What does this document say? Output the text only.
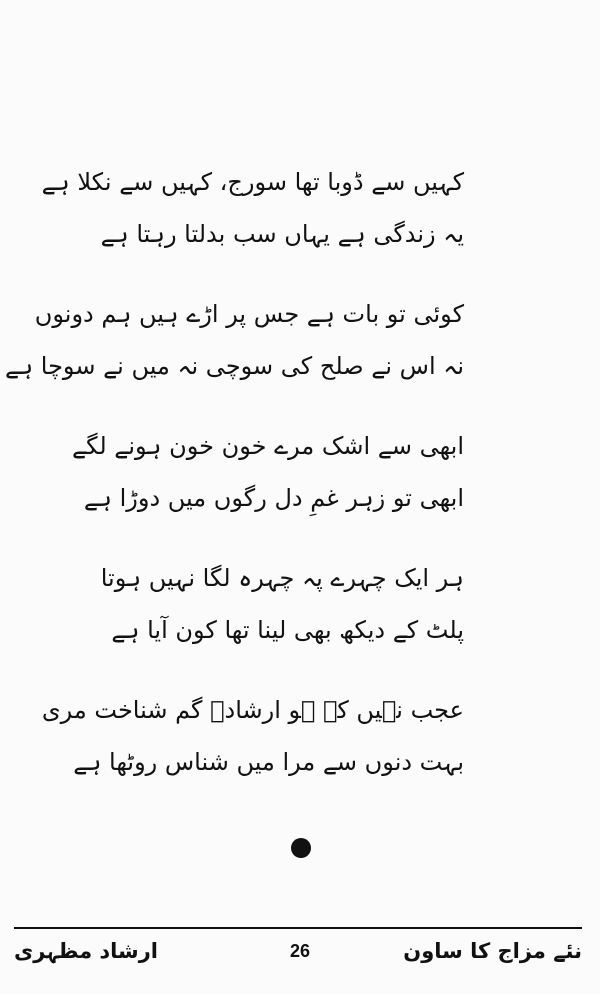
کہیں سے ڈوبا تھا سورج، کہیں سے نکلا ہے
یہ زندگی ہے یہاں سب بدلتا رہتا ہے
کوئی تو بات ہے جس پر اڑے ہیں ہم دونوں
نہ اس نے صلح کی سوچی نہ میں نے سوچا ہے
ابھی سے اشک مرے خون خون ہونے لگے
ابھی تو زہر غمِ دل رگوں میں دوڑا ہے
ہر ایک چہرے پہ چہرہ لگا نہیں ہوتا
پلٹ کے دیکھ بھی لینا تھا کون آیا ہے
عجب نہیں کہ ہو ارشادؔ گم شناخت مری
بہت دنوں سے مرا میں شناس روٹھا ہے
ارشاد مظہری	26	نئے مزاج کا ساون
